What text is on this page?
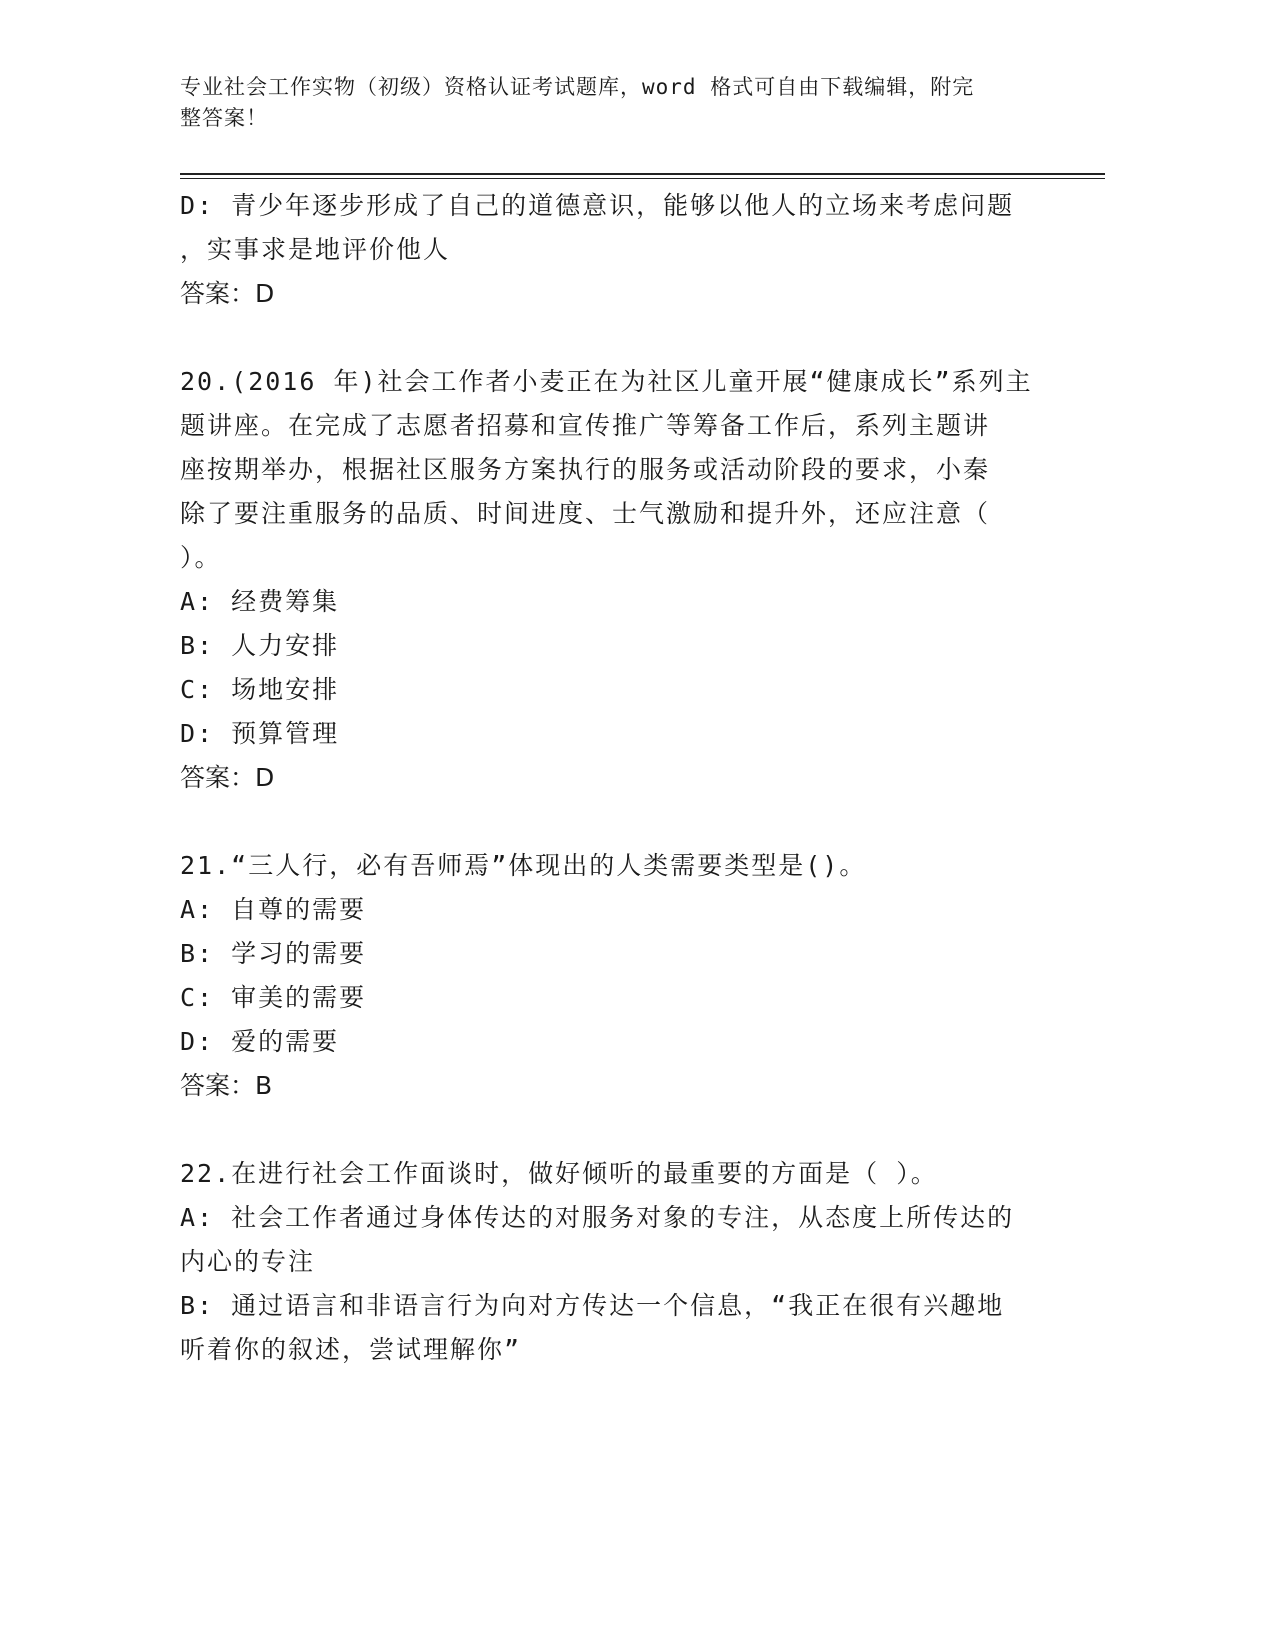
专业社会工作实物（初级）资格认证考试题库，word 格式可自由下载编辑，附完
整答案！
D: 青少年逐步形成了自己的道德意识，能够以他人的立场来考虑问题
，实事求是地评价他人
答案：D
20.(2016 年)社会工作者小麦正在为社区儿童开展“健康成长”系列主
题讲座。在完成了志愿者招募和宣传推广等筹备工作后，系列主题讲
座按期举办，根据社区服务方案执行的服务或活动阶段的要求，小秦
除了要注重服务的品质、时间进度、士气激励和提升外，还应注意（
）。
A: 经费筹集
B: 人力安排
C: 场地安排
D: 预算管理
答案：D
21.“三人行，必有吾师焉”体现出的人类需要类型是()。
A: 自尊的需要
B: 学习的需要
C: 审美的需要
D: 爱的需要
答案：B
22.在进行社会工作面谈时，做好倾听的最重要的方面是（ ）。
A: 社会工作者通过身体传达的对服务对象的专注，从态度上所传达的
内心的专注
B: 通过语言和非语言行为向对方传达一个信息，“我正在很有兴趣地
听着你的叙述，尝试理解你”
